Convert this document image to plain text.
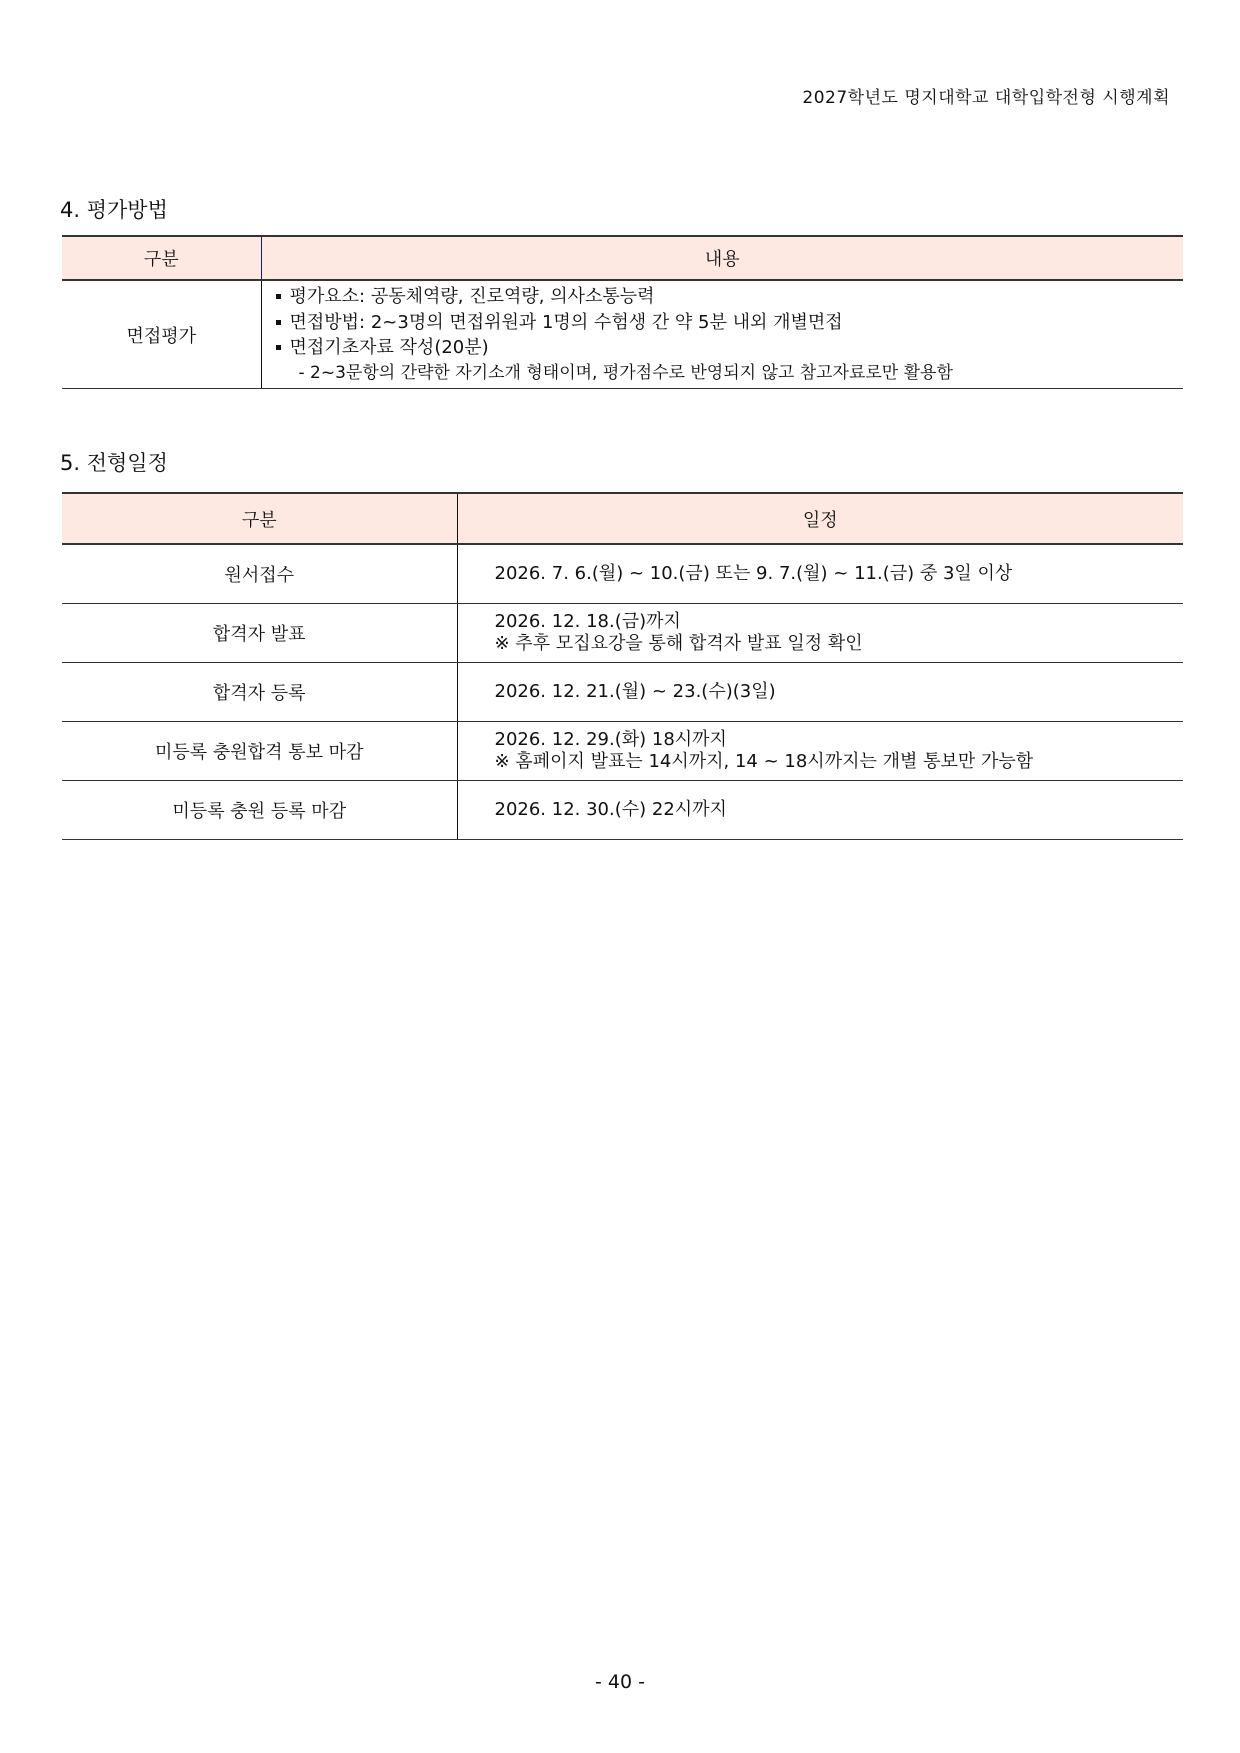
2027학년도 명지대학교 대학입학전형 시행계획
4. 평가방법
구분	내용
면접평가	평가요소: 공동체역량, 진로역량, 의사소통능력
면접방법: 2~3명의 면접위원과 1명의 수험생 간 약 5분 내외 개별면접
면접기초자료 작성(20분)
- 2~3문항의 간략한 자기소개 형태이며, 평가점수로 반영되지 않고 참고자료로만 활용함
5. 전형일정
구분	일정
원서접수	2026. 7. 6.(월) ~ 10.(금) 또는 9. 7.(월) ~ 11.(금) 중 3일 이상

합격자 발표	2026. 12. 18.(금)까지
※ 추후 모집요강을 통해 합격자 발표 일정 확인

합격자 등록	2026. 12. 21.(월) ~ 23.(수)(3일)

미등록 충원합격 통보 마감	2026. 12. 29.(화) 18시까지
※ 홈페이지 발표는 14시까지, 14 ~ 18시까지는 개별 통보만 가능함

미등록 충원 등록 마감	2026. 12. 30.(수) 22시까지
- 40 -
